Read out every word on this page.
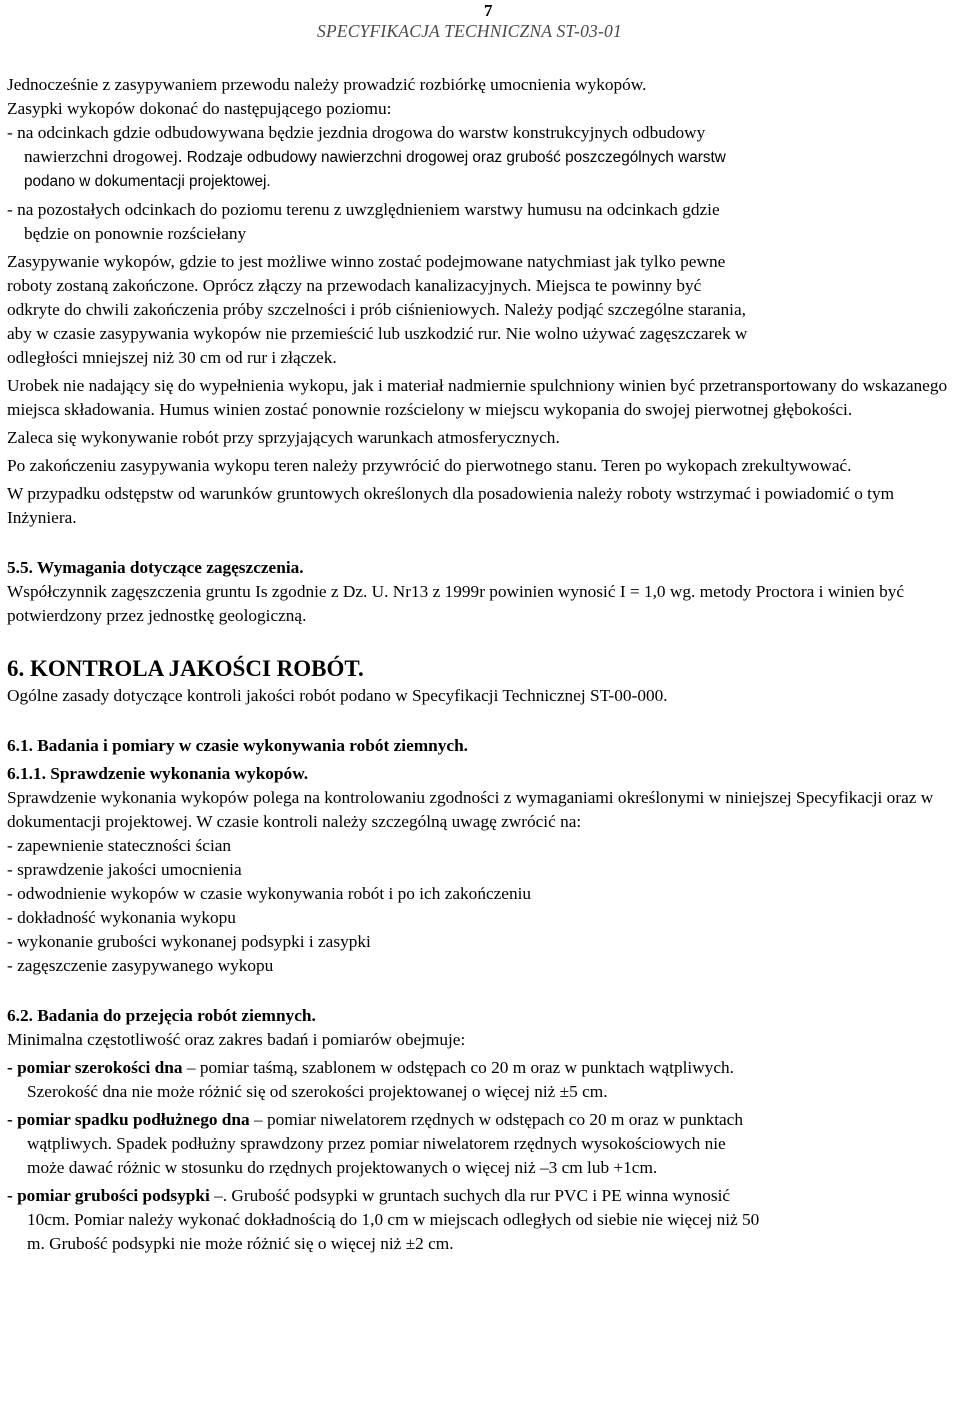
7
SPECYFIKACJA TECHNICZNA ST-03-01

Jednocześnie z zasypywaniem przewodu należy prowadzić rozbiórkę umocnienia wykopów.

Zasypki wykopów dokonać do następującego poziomu:

- na odcinkach gdzie odbudowywana będzie jezdnia drogowa do warstw konstrukcyjnych odbudowy

nawierzchni drogowej. Rodzaje odbudowy nawierzchni drogowej oraz grubość poszczególnych warstw

podano w dokumentacji projektowej.

- na pozostałych odcinkach do poziomu terenu z uwzględnieniem warstwy humusu na odcinkach gdzie

będzie on ponownie rozściełany

Zasypywanie wykopów, gdzie to jest możliwe winno zostać podejmowane natychmiast jak tylko pewne

roboty zostaną zakończone. Oprócz złączy na przewodach kanalizacyjnych. Miejsca te powinny być

odkryte do chwili zakończenia próby szczelności i prób ciśnieniowych. Należy podjąć szczególne starania,

aby w czasie zasypywania wykopów nie przemieścić lub uszkodzić rur. Nie wolno używać zagęszczarek w

odległości mniejszej niż 30 cm od rur i złączek.

Urobek nie nadający się do wypełnienia wykopu, jak i materiał nadmiernie spulchniony winien być przetransportowany do wskazanego miejsca składowania. Humus winien zostać ponownie rozścielony w miejscu wykopania do swojej pierwotnej głębokości.

Zaleca się wykonywanie robót przy sprzyjających warunkach atmosferycznych.

Po zakończeniu zasypywania wykopu teren należy przywrócić do pierwotnego stanu. Teren po wykopach zrekultywować.

W przypadku odstępstw od warunków gruntowych określonych dla posadowienia należy roboty wstrzymać i powiadomić o tym Inżyniera.

5.5. Wymagania dotyczące zagęszczenia.

Współczynnik zagęszczenia gruntu Is zgodnie z Dz. U. Nr13 z 1999r powinien wynosić I = 1,0 wg. metody Proctora i winien być potwierdzony przez jednostkę geologiczną.

6. KONTROLA JAKOŚCI ROBÓT.

Ogólne zasady dotyczące kontroli jakości robót podano w Specyfikacji Technicznej ST-00-000.

6.1. Badania i pomiary w czasie wykonywania robót ziemnych.

6.1.1. Sprawdzenie wykonania wykopów.

Sprawdzenie wykonania wykopów polega na kontrolowaniu zgodności z wymaganiami określonymi w niniejszej Specyfikacji oraz w dokumentacji projektowej. W czasie kontroli należy szczególną uwagę zwrócić na:

- zapewnienie stateczności ścian

- sprawdzenie jakości umocnienia

- odwodnienie wykopów w czasie wykonywania robót i po ich zakończeniu

- dokładność wykonania wykopu

- wykonanie grubości wykonanej podsypki i zasypki

- zagęszczenie zasypywanego wykopu

6.2. Badania do przejęcia robót ziemnych.

Minimalna częstotliwość oraz zakres badań i pomiarów obejmuje:

- pomiar szerokości dna – pomiar taśmą, szablonem w odstępach co 20 m oraz w punktach wątpliwych.

Szerokość dna nie może różnić się od szerokości projektowanej o więcej niż ±5 cm.

- pomiar spadku podłużnego dna – pomiar niwelatorem rzędnych w odstępach co 20 m oraz w punktach

wątpliwych. Spadek podłużny sprawdzony przez pomiar niwelatorem rzędnych wysokościowych nie

może dawać różnic w stosunku do rzędnych projektowanych o więcej niż –3 cm lub +1cm.

- pomiar grubości podsypki –. Grubość podsypki w gruntach suchych dla rur PVC i PE winna wynosić

10cm. Pomiar należy wykonać dokładnością do 1,0 cm w miejscach odległych od siebie nie więcej niż 50

m. Grubość podsypki nie może różnić się o więcej niż ±2 cm.
